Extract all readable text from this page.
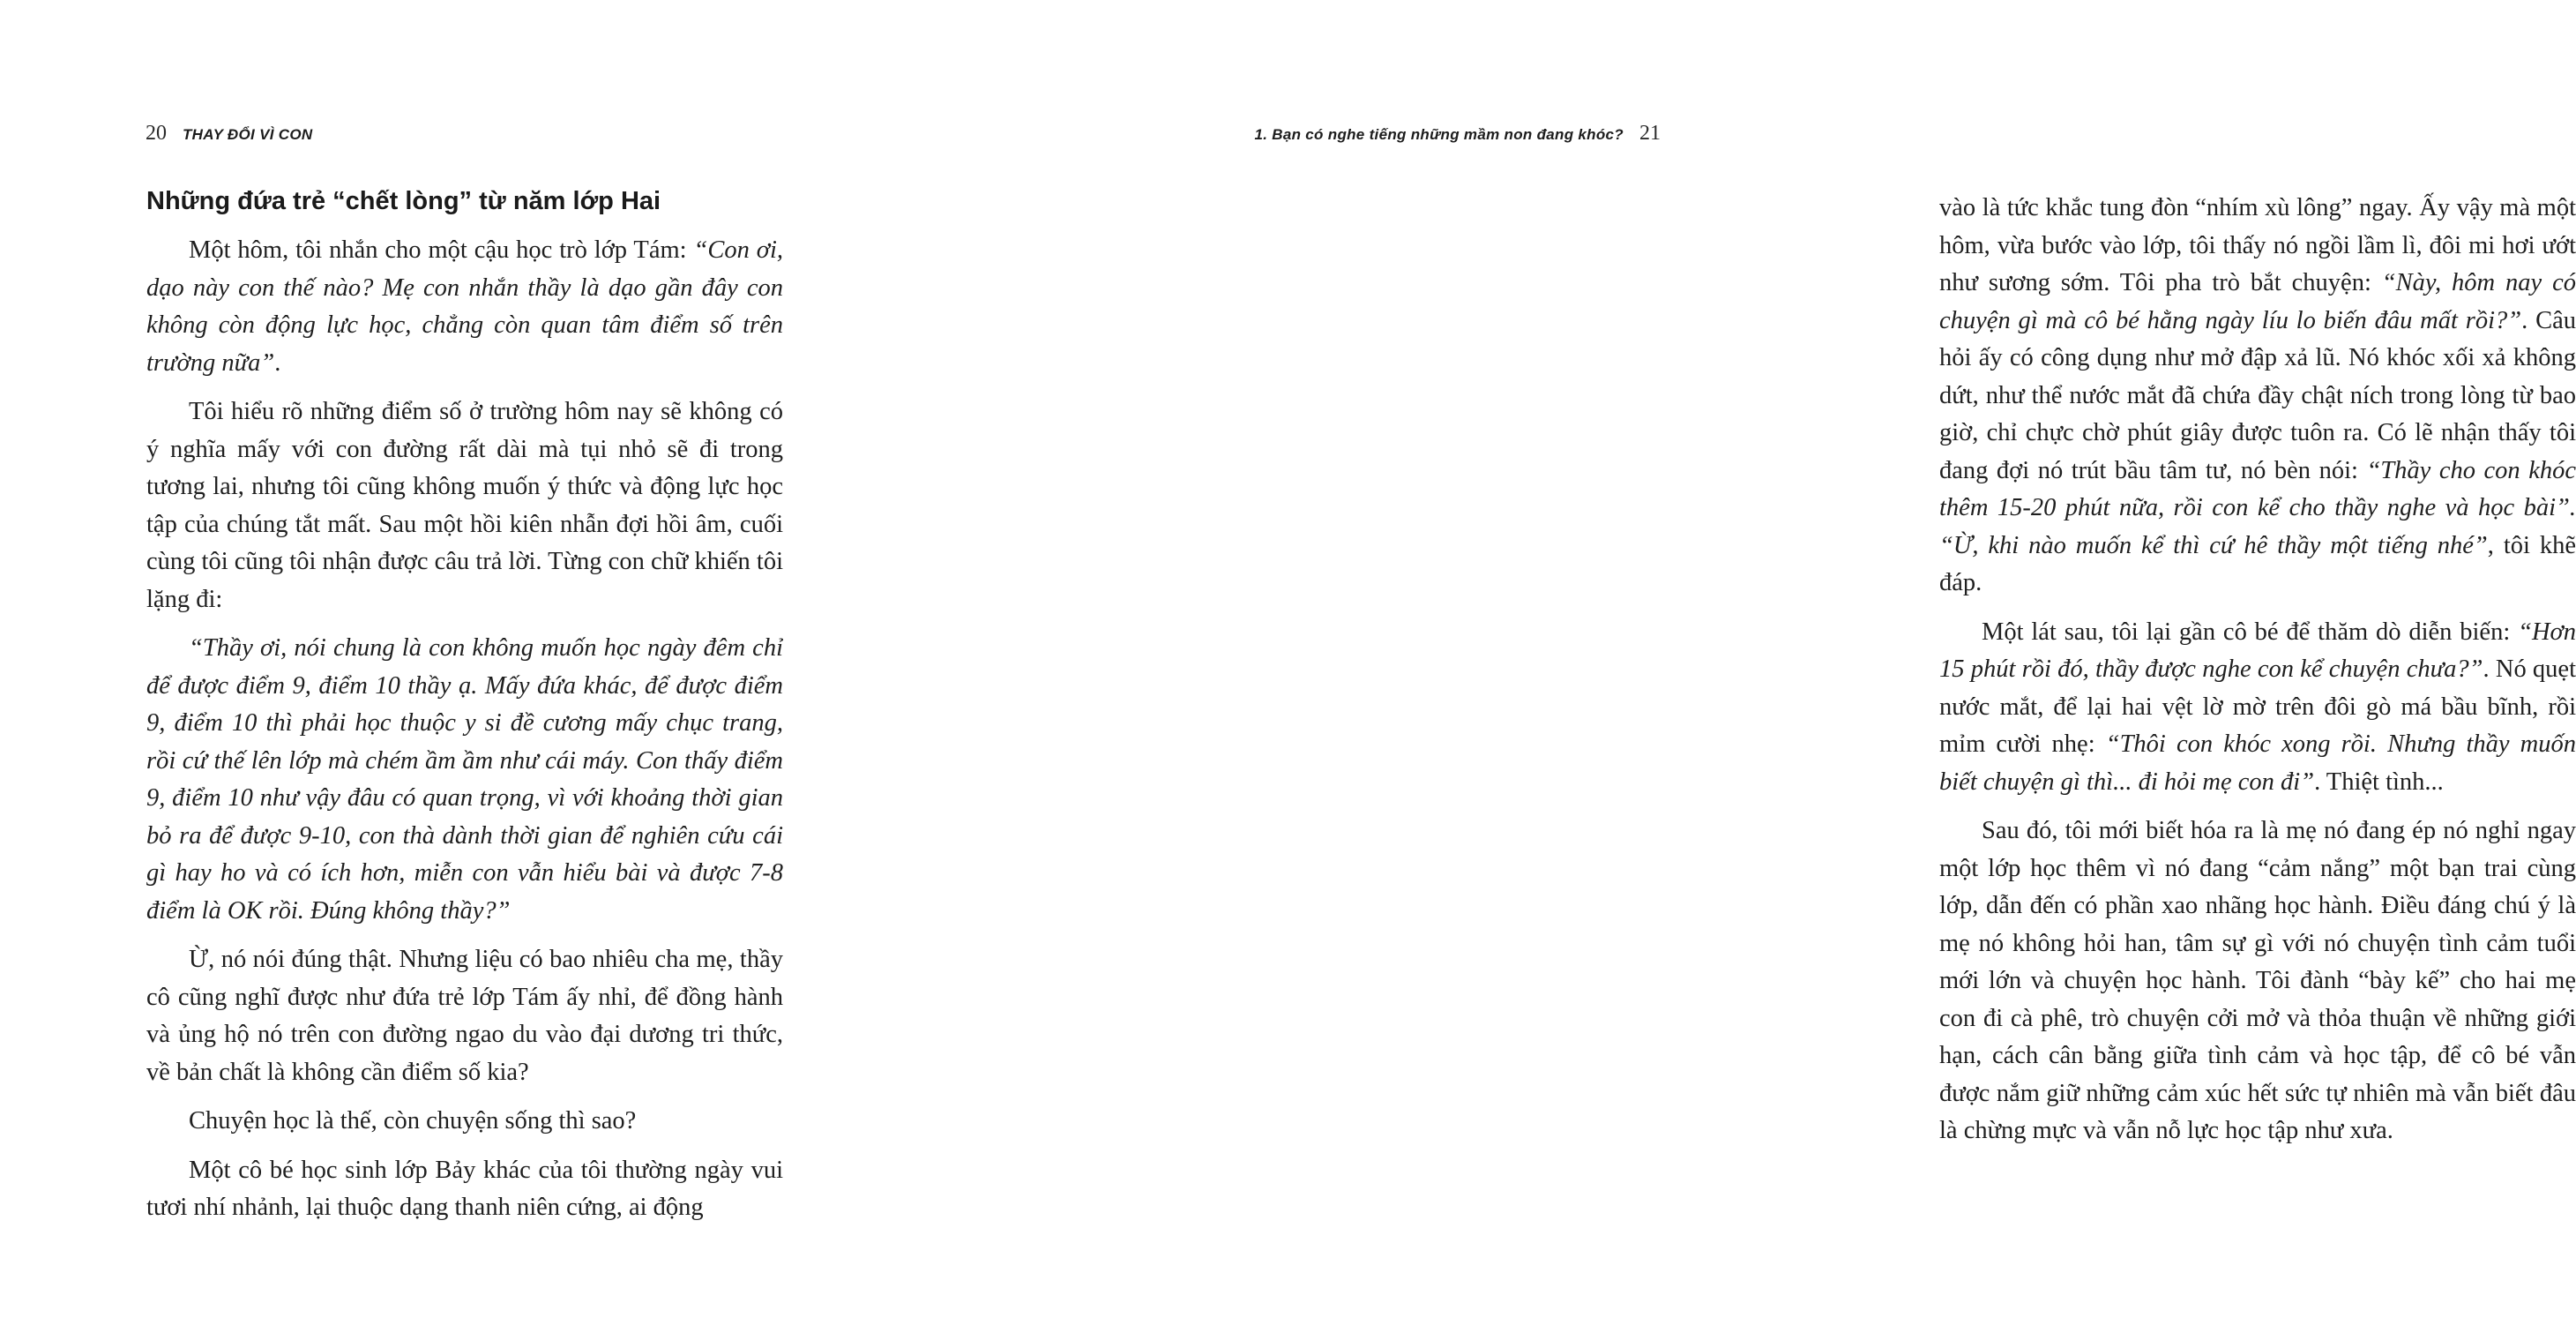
20 THAY ĐỔI VÌ CON
Những đứa trẻ “chết lòng” từ năm lớp Hai

Một hôm, tôi nhắn cho một cậu học trò lớp Tám: “Con ơi, dạo này con thế nào? Mẹ con nhắn thầy là dạo gần đây con không còn động lực học, chẳng còn quan tâm điểm số trên trường nữa”.

Tôi hiểu rõ những điểm số ở trường hôm nay sẽ không có ý nghĩa mấy với con đường rất dài mà tụi nhỏ sẽ đi trong tương lai, nhưng tôi cũng không muốn ý thức và động lực học tập của chúng tắt mất. Sau một hồi kiên nhẫn đợi hồi âm, cuối cùng tôi cũng tôi nhận được câu trả lời. Từng con chữ khiến tôi lặng đi:

“Thầy ơi, nói chung là con không muốn học ngày đêm chỉ để được điểm 9, điểm 10 thầy ạ. Mấy đứa khác, để được điểm 9, điểm 10 thì phải học thuộc y si đề cương mấy chục trang, rồi cứ thế lên lớp mà chém ầm ầm như cái máy. Con thấy điểm 9, điểm 10 như vậy đâu có quan trọng, vì với khoảng thời gian bỏ ra để được 9-10, con thà dành thời gian để nghiên cứu cái gì hay ho và có ích hơn, miễn con vẫn hiểu bài và được 7-8 điểm là OK rồi. Đúng không thầy?”

Ừ, nó nói đúng thật. Nhưng liệu có bao nhiêu cha mẹ, thầy cô cũng nghĩ được như đứa trẻ lớp Tám ấy nhỉ, để đồng hành và ủng hộ nó trên con đường ngao du vào đại dương tri thức, về bản chất là không cần điểm số kia?

Chuyện học là thế, còn chuyện sống thì sao?

Một cô bé học sinh lớp Bảy khác của tôi thường ngày vui tươi nhí nhảnh, lại thuộc dạng thanh niên cứng, ai động

1. Bạn có nghe tiếng những mầm non đang khóc? 21

vào là tức khắc tung đòn “nhím xù lông” ngay. Ấy vậy mà một hôm, vừa bước vào lớp, tôi thấy nó ngồi lầm lì, đôi mi hơi ướt như sương sớm. Tôi pha trò bắt chuyện: “Này, hôm nay có chuyện gì mà cô bé hằng ngày líu lo biến đâu mất rồi?”. Câu hỏi ấy có công dụng như mở đập xả lũ. Nó khóc xối xả không dứt, như thể nước mắt đã chứa đầy chật ních trong lòng từ bao giờ, chỉ chực chờ phút giây được tuôn ra. Có lẽ nhận thấy tôi đang đợi nó trút bầu tâm tư, nó bèn nói: “Thầy cho con khóc thêm 15-20 phút nữa, rồi con kể cho thầy nghe và học bài”. “Ừ, khi nào muốn kể thì cứ hê thầy một tiếng nhé”, tôi khẽ đáp.

Một lát sau, tôi lại gần cô bé để thăm dò diễn biến: “Hơn 15 phút rồi đó, thầy được nghe con kể chuyện chưa?”. Nó quẹt nước mắt, để lại hai vệt lờ mờ trên đôi gò má bầu bĩnh, rồi mỉm cười nhẹ: “Thôi con khóc xong rồi. Nhưng thầy muốn biết chuyện gì thì... đi hỏi mẹ con đi”. Thiệt tình...

Sau đó, tôi mới biết hóa ra là mẹ nó đang ép nó nghỉ ngay một lớp học thêm vì nó đang “cảm nắng” một bạn trai cùng lớp, dẫn đến có phần xao nhãng học hành. Điều đáng chú ý là mẹ nó không hỏi han, tâm sự gì với nó chuyện tình cảm tuổi mới lớn và chuyện học hành. Tôi đành “bày kế” cho hai mẹ con đi cà phê, trò chuyện cởi mở và thỏa thuận về những giới hạn, cách cân bằng giữa tình cảm và học tập, để cô bé vẫn được nắm giữ những cảm xúc hết sức tự nhiên mà vẫn biết đâu là chừng mực và vẫn nỗ lực học tập như xưa.
